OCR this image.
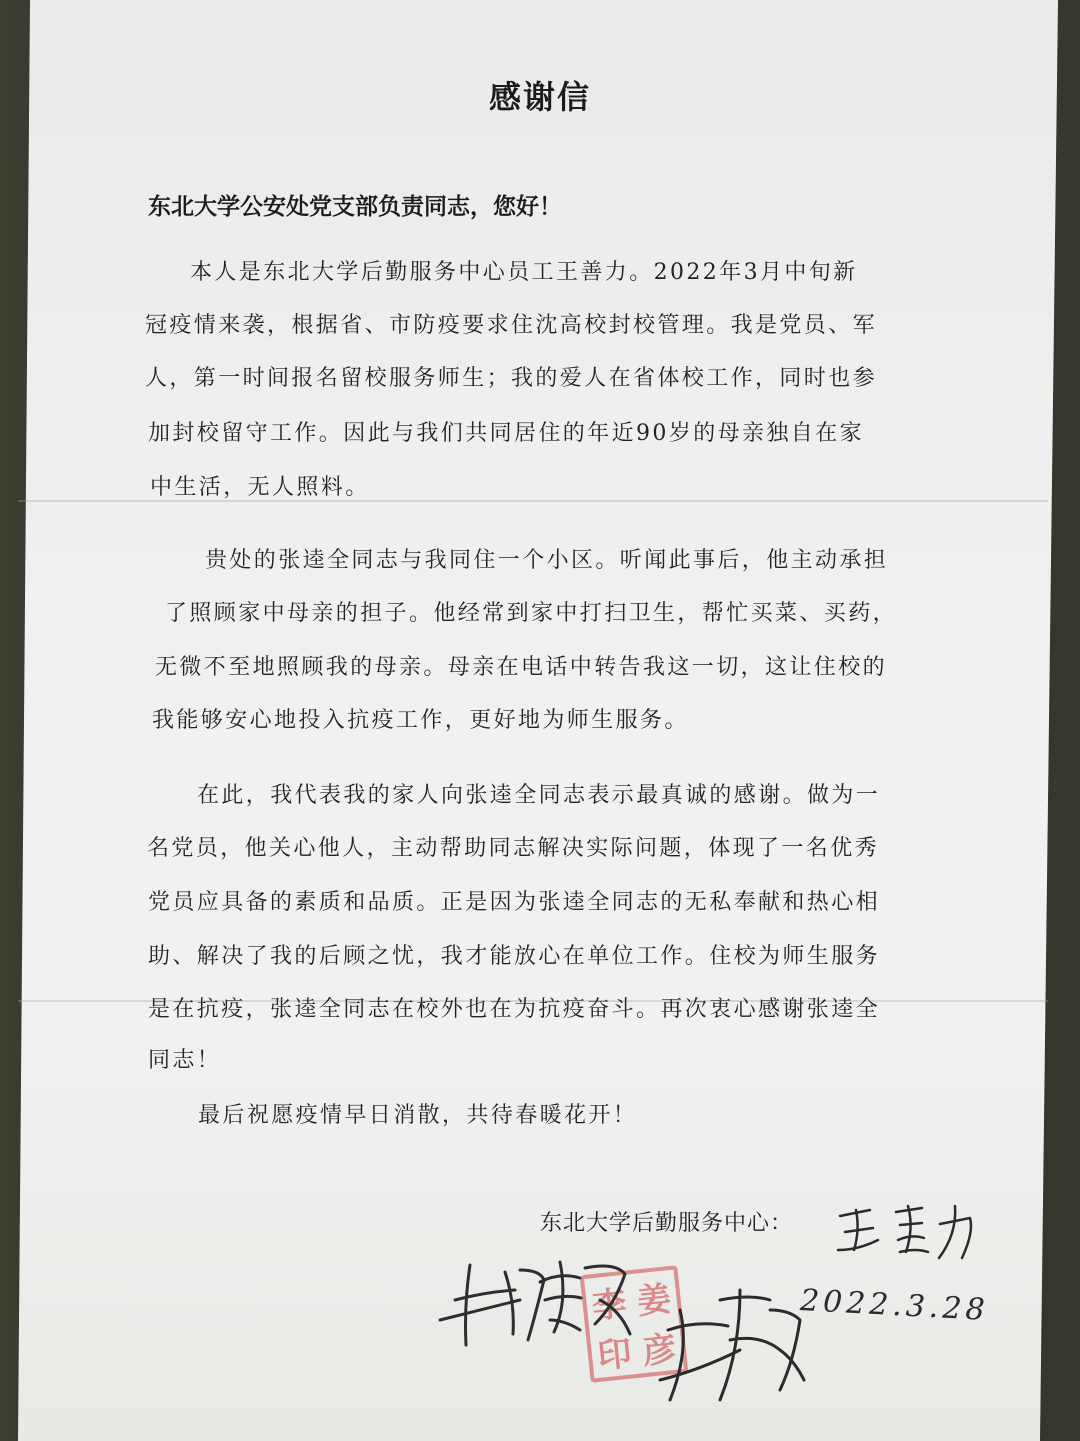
感谢信
东北大学公安处党支部负责同志，您好！
本人是东北大学后勤服务中心员工王善力。2022年3月中旬新
冠疫情来袭，根据省、市防疫要求住沈高校封校管理。我是党员、军
人，第一时间报名留校服务师生；我的爱人在省体校工作，同时也参
加封校留守工作。因此与我们共同居住的年近90岁的母亲独自在家
中生活，无人照料。
贵处的张逵全同志与我同住一个小区。听闻此事后，他主动承担
了照顾家中母亲的担子。他经常到家中打扫卫生，帮忙买菜、买药，
无微不至地照顾我的母亲。母亲在电话中转告我这一切，这让住校的
我能够安心地投入抗疫工作，更好地为师生服务。
在此，我代表我的家人向张逵全同志表示最真诚的感谢。做为一
名党员，他关心他人，主动帮助同志解决实际问题，体现了一名优秀
党员应具备的素质和品质。正是因为张逵全同志的无私奉献和热心相
助、解决了我的后顾之忧，我才能放心在单位工作。住校为师生服务
是在抗疫，张逵全同志在校外也在为抗疫奋斗。再次衷心感谢张逵全
同志！
最后祝愿疫情早日消散，共待春暖花开！
东北大学后勤服务中心：
李 姜
印 彦
2022.3.28
